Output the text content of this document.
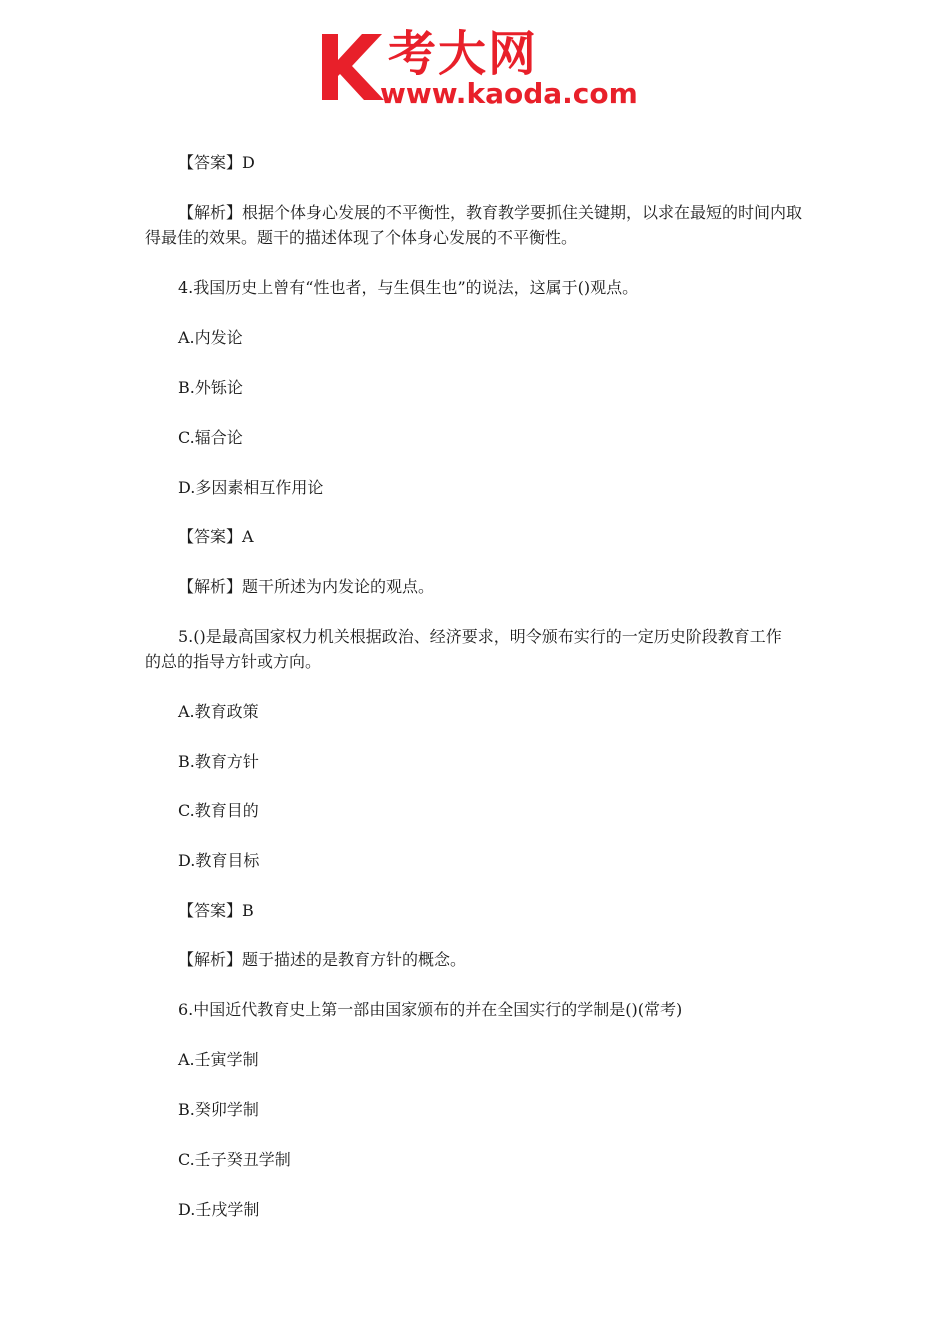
考大网
www.kaoda.com
【答案】D
【解析】根据个体身心发展的不平衡性，教育教学要抓住关键期，以求在最短的时间内取
得最佳的效果。题干的描述体现了个体身心发展的不平衡性。
4.我国历史上曾有“性也者，与生俱生也”的说法，这属于()观点。
A.内发论
B.外铄论
C.辐合论
D.多因素相互作用论
【答案】A
【解析】题干所述为内发论的观点。
5.()是最高国家权力机关根据政治、经济要求，明令颁布实行的一定历史阶段教育工作
的总的指导方针或方向。
A.教育政策
B.教育方针
C.教育目的
D.教育目标
【答案】B
【解析】题于描述的是教育方针的概念。
6.中国近代教育史上第一部由国家颁布的并在全国实行的学制是()(常考)
A.壬寅学制
B.癸卯学制
C.壬子癸丑学制
D.壬戌学制
